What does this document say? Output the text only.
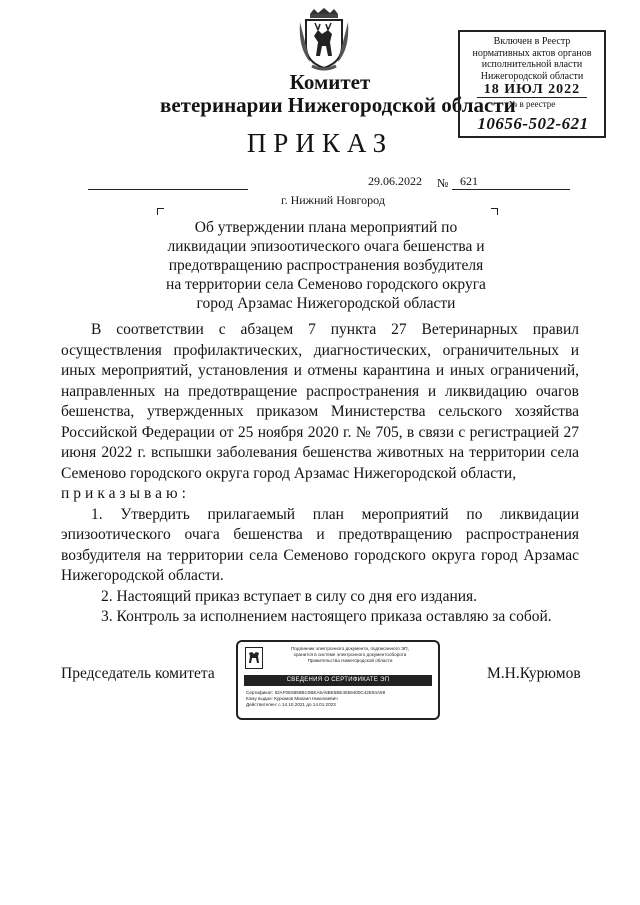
Комитет
ветеринарии Нижегородской области
ПРИКАЗ
Включен в Реестр
нормативных актов органов
исполнительной власти
Нижегородской области
18 ИЮЛ 2022
№ в реестре
10656-502-621
29.06.2022 № 621
г. Нижний Новгород
Об утверждении плана мероприятий по
ликвидации эпизоотического очага бешенства и
предотвращению распространения возбудителя
на территории села Семеново городского округа
город Арзамас Нижегородской области

В соответствии с абзацем 7 пункта 27 Ветеринарных правил осуществления профилактических, диагностических, ограничительных и иных мероприятий, установления и отмены карантина и иных ограничений, направленных на предотвращение распространения и ликвидацию очагов бешенства, утвержденных приказом Министерства сельского хозяйства Российской Федерации от 25 ноября 2020 г. № 705, в связи с регистрацией 27 июня 2022 г. вспышки заболевания бешенства животных на территории села Семеново городского округа город Арзамас Нижегородской области,

приказываю:

1. Утвердить прилагаемый план мероприятий по ликвидации эпизоотического очага бешенства и предотвращению распространения возбудителя на территории села Семеново городского округа город Арзамас Нижегородской области.

2. Настоящий приказ вступает в силу со дня его издания.

3. Контроль за исполнением настоящего приказа оставляю за собой.

Председатель комитета	М.Н.Курюмов
Подлинник электронного документа, подписанного ЭП,
хранится в системе электронного документооборота
Правительства Нижегородской области
СВЕДЕНИЯ О СЕРТИФИКАТЕ ЭП
Сертификат: 62AF0E6858BC0BEA5A6BE5BE4559400C42E84A59
Кому выдан: Курюмов Михаил Николаевич
Действителен: с 14.10.2021 до 14.01.2023
